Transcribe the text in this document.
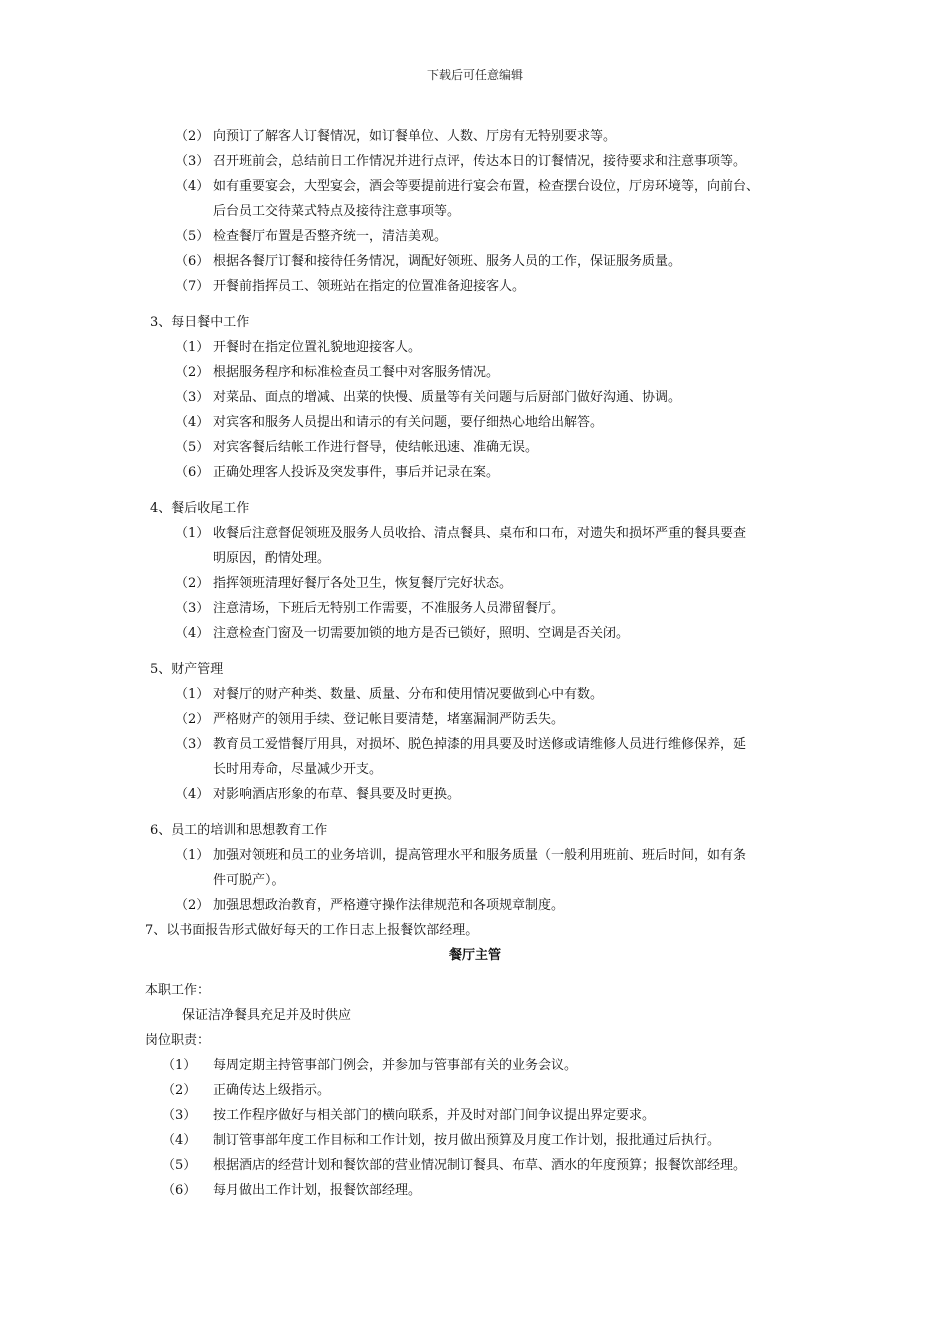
下载后可任意编辑
（2） 向预订了解客人订餐情况，如订餐单位、人数、厅房有无特别要求等。
（3） 召开班前会，总结前日工作情况并进行点评，传达本日的订餐情况，接待要求和注意事项等。
（4） 如有重要宴会，大型宴会，酒会等要提前进行宴会布置，检查摆台设位，厅房环境等，向前台、
后台员工交待菜式特点及接待注意事项等。
（5） 检查餐厅布置是否整齐统一，清洁美观。
（6） 根据各餐厅订餐和接待任务情况，调配好领班、服务人员的工作，保证服务质量。
（7） 开餐前指挥员工、领班站在指定的位置准备迎接客人。
3、每日餐中工作
（1） 开餐时在指定位置礼貌地迎接客人。
（2） 根据服务程序和标准检查员工餐中对客服务情况。
（3） 对菜品、面点的增减、出菜的快慢、质量等有关问题与后厨部门做好沟通、协调。
（4） 对宾客和服务人员提出和请示的有关问题，要仔细热心地给出解答。
（5） 对宾客餐后结帐工作进行督导，使结帐迅速、准确无误。
（6） 正确处理客人投诉及突发事件，事后并记录在案。
4、餐后收尾工作
（1） 收餐后注意督促领班及服务人员收拾、清点餐具、桌布和口布，对遗失和损坏严重的餐具要查
明原因，酌情处理。
（2） 指挥领班清理好餐厅各处卫生，恢复餐厅完好状态。
（3） 注意清场，下班后无特别工作需要，不准服务人员滞留餐厅。
（4） 注意检查门窗及一切需要加锁的地方是否已锁好，照明、空调是否关闭。
5、财产管理
（1） 对餐厅的财产种类、数量、质量、分布和使用情况要做到心中有数。
（2） 严格财产的领用手续、登记帐目要清楚，堵塞漏洞严防丢失。
（3） 教育员工爱惜餐厅用具，对损坏、脱色掉漆的用具要及时送修或请维修人员进行维修保养，延
长时用寿命，尽量减少开支。
（4） 对影响酒店形象的布草、餐具要及时更换。
6、员工的培训和思想教育工作
（1） 加强对领班和员工的业务培训，提高管理水平和服务质量（一般利用班前、班后时间，如有条
件可脱产）。
（2） 加强思想政治教育，严格遵守操作法律规范和各项规章制度。
7、以书面报告形式做好每天的工作日志上报餐饮部经理。
餐厅主管
本职工作：
保证洁净餐具充足并及时供应
岗位职责：
（1） 每周定期主持管事部门例会，并参加与管事部有关的业务会议。
（2） 正确传达上级指示。
（3） 按工作程序做好与相关部门的横向联系，并及时对部门间争议提出界定要求。
（4） 制订管事部年度工作目标和工作计划，按月做出预算及月度工作计划，报批通过后执行。
（5） 根据酒店的经营计划和餐饮部的营业情况制订餐具、布草、酒水的年度预算；报餐饮部经理。
（6） 每月做出工作计划，报餐饮部经理。
